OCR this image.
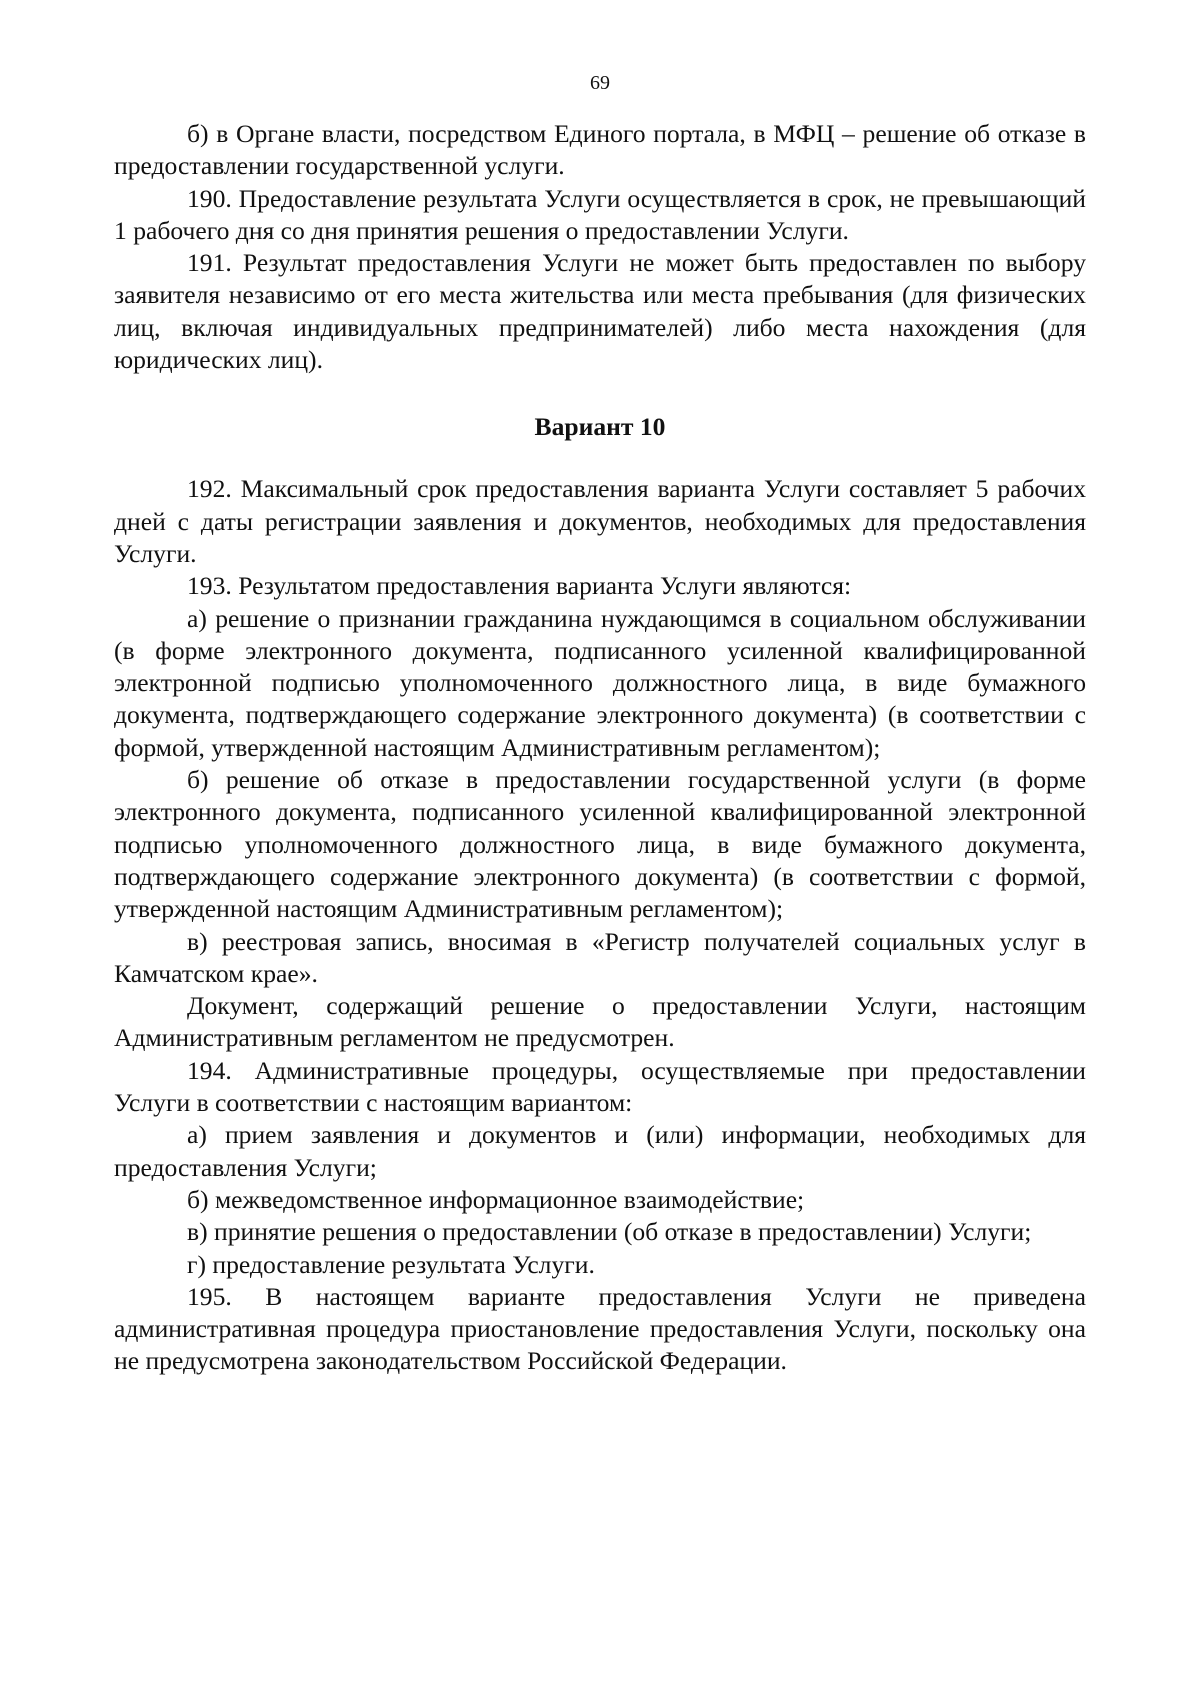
69

б) в Органе власти, посредством Единого портала, в МФЦ – решение об отказе в предоставлении государственной услуги.

190. Предоставление результата Услуги осуществляется в срок, не превышающий 1 рабочего дня со дня принятия решения о предоставлении Услуги.

191. Результат предоставления Услуги не может быть предоставлен по выбору заявителя независимо от его места жительства или места пребывания (для физических лиц, включая индивидуальных предпринимателей) либо места нахождения (для юридических лиц).

Вариант 10

192. Максимальный срок предоставления варианта Услуги составляет 5 рабочих дней с даты регистрации заявления и документов, необходимых для предоставления Услуги.

193. Результатом предоставления варианта Услуги являются:

а) решение о признании гражданина нуждающимся в социальном обслуживании (в форме электронного документа, подписанного усиленной квалифицированной электронной подписью уполномоченного должностного лица, в виде бумажного документа, подтверждающего содержание электронного документа) (в соответствии с формой, утвержденной настоящим Административным регламентом);

б) решение об отказе в предоставлении государственной услуги (в форме электронного документа, подписанного усиленной квалифицированной электронной подписью уполномоченного должностного лица, в виде бумажного документа, подтверждающего содержание электронного документа) (в соответствии с формой, утвержденной настоящим Административным регламентом);

в) реестровая запись, вносимая в «Регистр получателей социальных услуг в Камчатском крае».

Документ, содержащий решение о предоставлении Услуги, настоящим Административным регламентом не предусмотрен.

194. Административные процедуры, осуществляемые при предоставлении Услуги в соответствии с настоящим вариантом:

а) прием заявления и документов и (или) информации, необходимых для предоставления Услуги;

б) межведомственное информационное взаимодействие;

в) принятие решения о предоставлении (об отказе в предоставлении) Услуги;

г) предоставление результата Услуги.

195. В настоящем варианте предоставления Услуги не приведена административная процедура приостановление предоставления Услуги, поскольку она не предусмотрена законодательством Российской Федерации.
